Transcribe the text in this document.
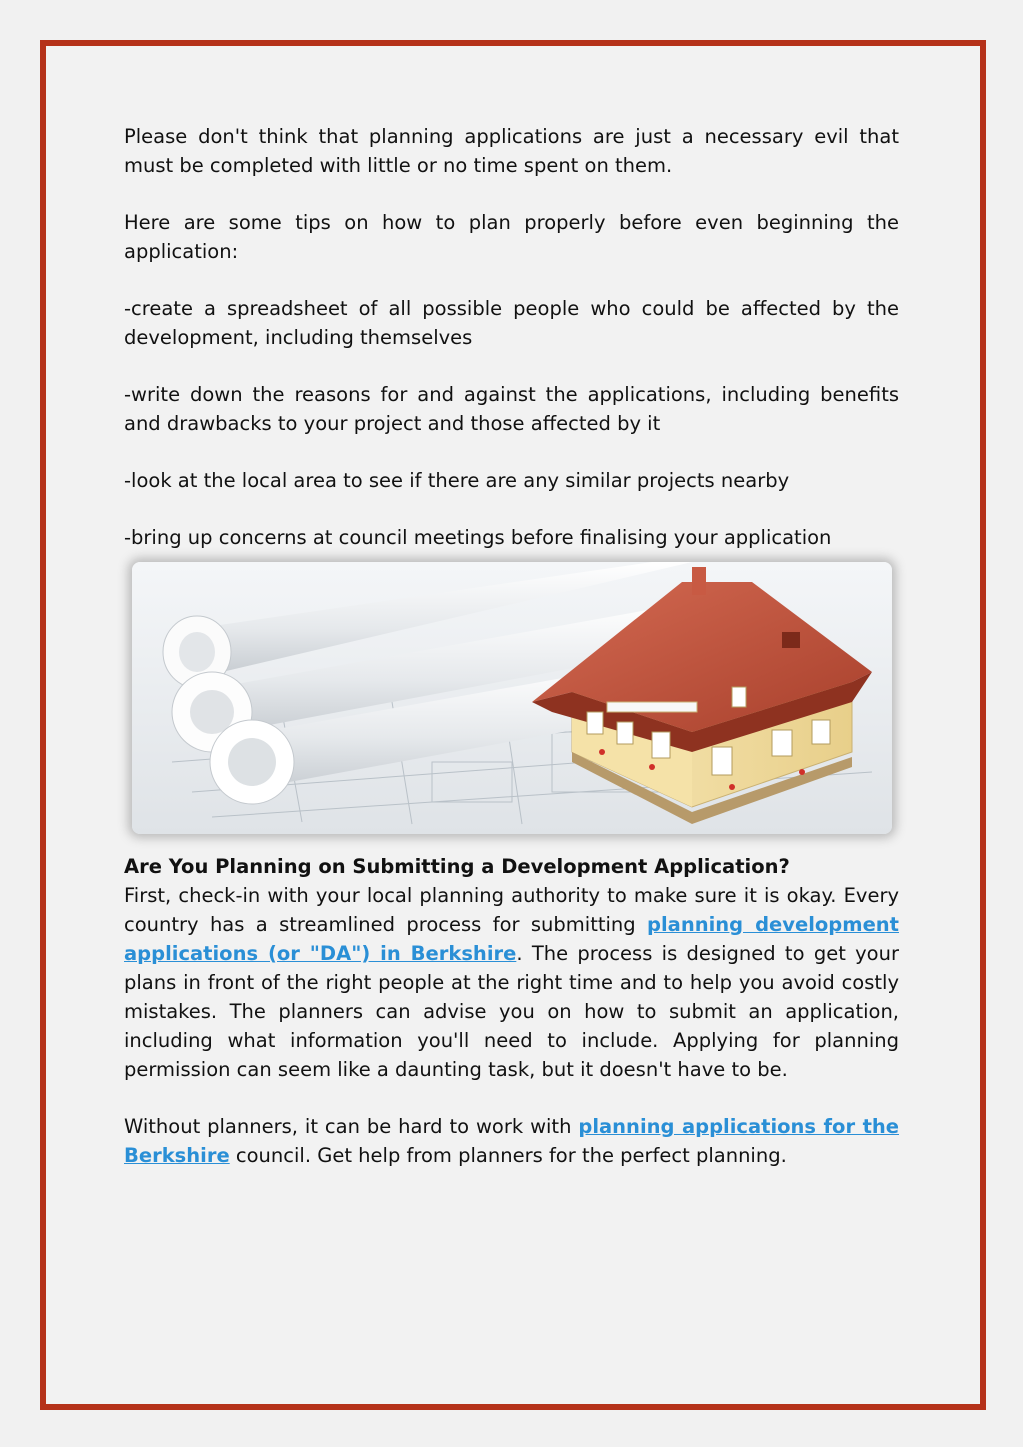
Please don't think that planning applications are just a necessary evil that must be completed with little or no time spent on them.

Here are some tips on how to plan properly before even beginning the application:

-create a spreadsheet of all possible people who could be affected by the development, including themselves

-write down the reasons for and against the applications, including benefits and drawbacks to your project and those affected by it

-look at the local area to see if there are any similar projects nearby

-bring up concerns at council meetings before finalising your application

Are You Planning on Submitting a Development Application?

First, check-in with your local planning authority to make sure it is okay. Every country has a streamlined process for submitting planning development applications (or "DA") in Berkshire. The process is designed to get your plans in front of the right people at the right time and to help you avoid costly mistakes. The planners can advise you on how to submit an application, including what information you'll need to include. Applying for planning permission can seem like a daunting task, but it doesn't have to be.

Without planners, it can be hard to work with planning applications for the Berkshire council. Get help from planners for the perfect planning.
